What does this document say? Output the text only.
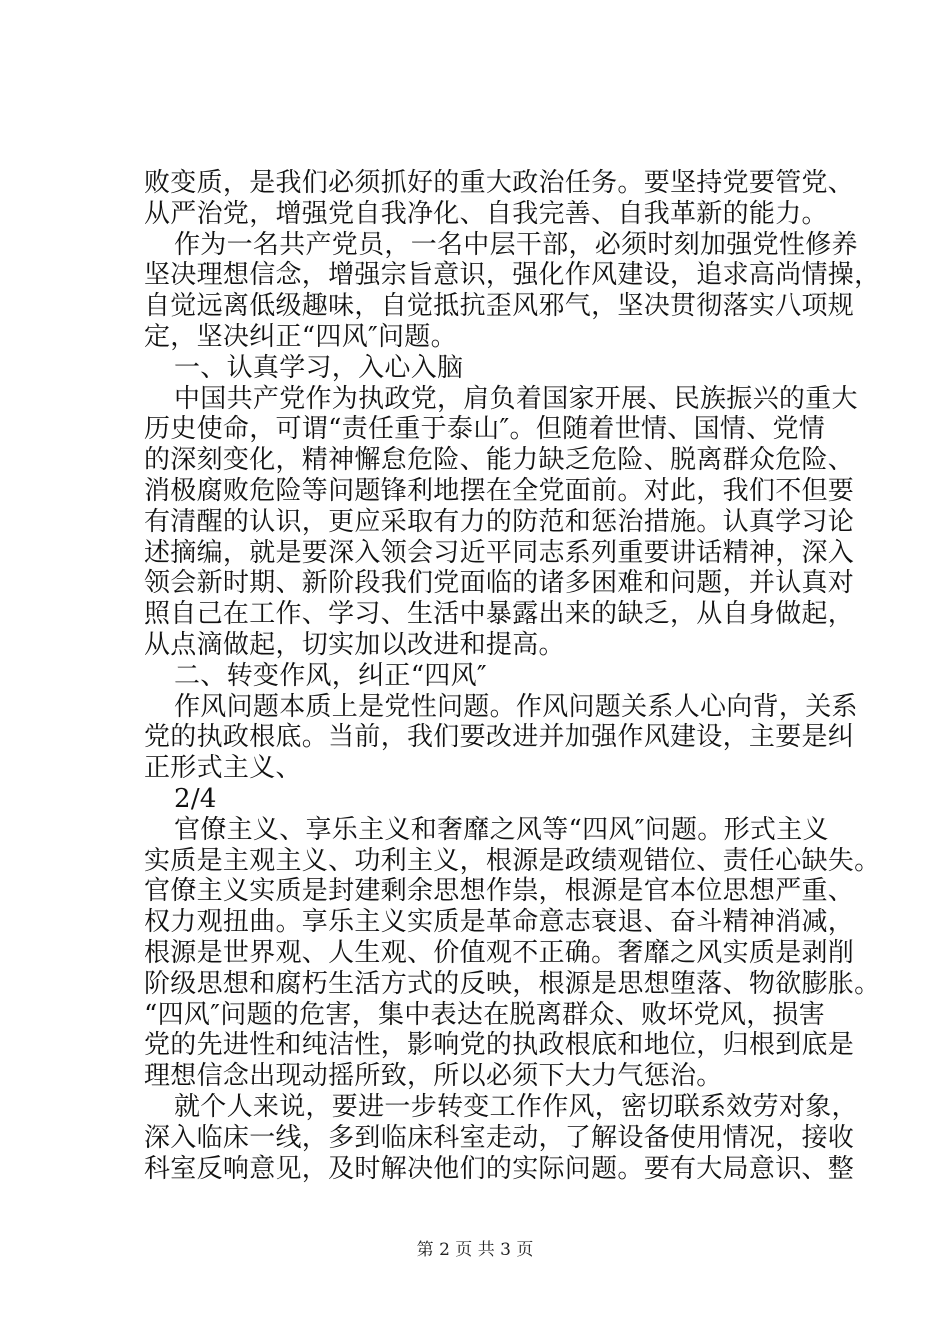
败变质，是我们必须抓好的重大政治任务。要坚持党要管党、
从严治党，增强党自我净化、自我完善、自我革新的能力。
作为一名共产党员，一名中层干部，必须时刻加强党性修养
坚决理想信念，增强宗旨意识，强化作风建设，追求高尚情操，
自觉远离低级趣味，自觉抵抗歪风邪气，坚决贯彻落实八项规
定，坚决纠正“四风″问题。
一、认真学习，入心入脑
中国共产党作为执政党，肩负着国家开展、民族振兴的重大
历史使命，可谓“责任重于泰山″。但随着世情、国情、党情
的深刻变化，精神懈怠危险、能力缺乏危险、脱离群众危险、
消极腐败危险等问题锋利地摆在全党面前。对此，我们不但要
有清醒的认识，更应采取有力的防范和惩治措施。认真学习论
述摘编，就是要深入领会习近平同志系列重要讲话精神，深入
领会新时期、新阶段我们党面临的诸多困难和问题，并认真对
照自己在工作、学习、生活中暴露出来的缺乏，从自身做起，
从点滴做起，切实加以改进和提高。
二、转变作风，纠正“四风″
作风问题本质上是党性问题。作风问题关系人心向背，关系
党的执政根底。当前，我们要改进并加强作风建设，主要是纠
正形式主义、
2/4
官僚主义、享乐主义和奢靡之风等“四风″问题。形式主义
实质是主观主义、功利主义，根源是政绩观错位、责任心缺失。
官僚主义实质是封建剩余思想作祟，根源是官本位思想严重、
权力观扭曲。享乐主义实质是革命意志衰退、奋斗精神消减，
根源是世界观、人生观、价值观不正确。奢靡之风实质是剥削
阶级思想和腐朽生活方式的反映，根源是思想堕落、物欲膨胀。
“四风″问题的危害，集中表达在脱离群众、败坏党风，损害
党的先进性和纯洁性，影响党的执政根底和地位，归根到底是
理想信念出现动摇所致，所以必须下大力气惩治。
就个人来说，要进一步转变工作作风，密切联系效劳对象，
深入临床一线，多到临床科室走动，了解设备使用情况，接收
科室反响意见，及时解决他们的实际问题。要有大局意识、整
第 2 页 共 3 页
